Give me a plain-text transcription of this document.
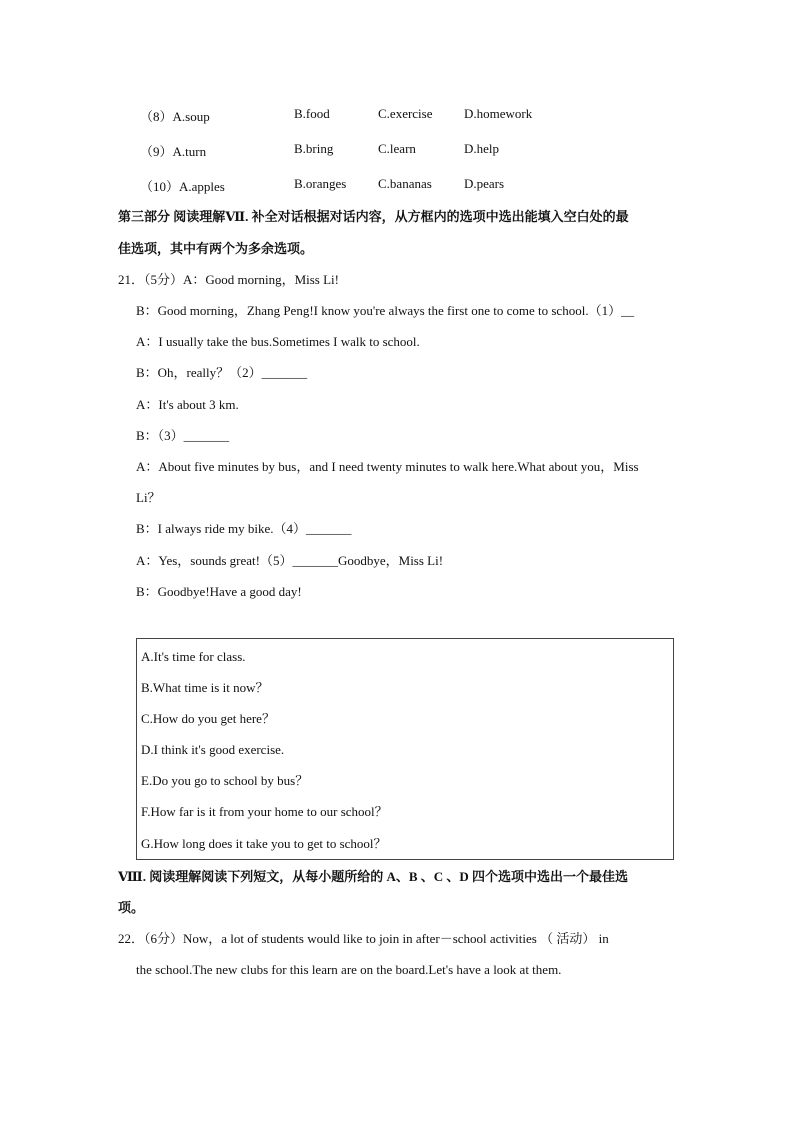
（8）A.soup	B.food	C.exercise D.homework
（9）A.turn	B.bring	C.learn	D.help
（10）A.apples	B.oranges C.bananas D.pears
第三部分 阅读理解Ⅶ. 补全对话根据对话内容，从方框内的选项中选出能填入空白处的最
佳选项，其中有两个为多余选项。
21．（5分）A：Good morning，Miss Li!
B：Good morning，Zhang Peng!I know you're always the first one to come to school.（1）__
A：I usually take the bus.Sometimes I walk to school.
B：Oh，really？（2）_______
A：It's about 3 km.
B：（3）_______
A：About five minutes by bus，and I need twenty minutes to walk here.What about you，Miss
Li？
B：I always ride my bike.（4）_______
A：Yes，sounds great!（5）_______Goodbye，Miss Li!
B：Goodbye!Have a good day!
A.It's time for class.
B.What time is it now？
C.How do you get here？
D.I think it's good exercise.
E.Do you go to school by bus？
F.How far is it from your home to our school？
G.How long does it take you to get to school？
Ⅷ. 阅读理解阅读下列短文，从每小题所给的 A、B 、C 、D 四个选项中选出一个最佳选
项。
22．（6分）Now，a lot of students would like to join in after－school activities （ 活动） in
the school.The new clubs for this learn are on the board.Let's have a look at them.
